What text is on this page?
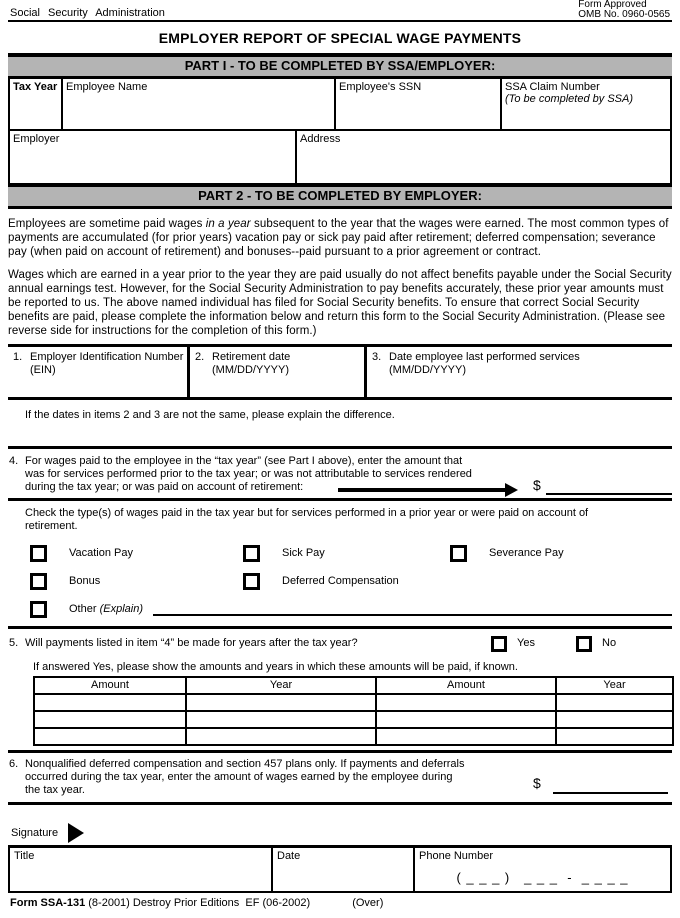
Social Security Administration
Form Approved
OMB No. 0960-0565
EMPLOYER REPORT OF SPECIAL WAGE PAYMENTS
PART I - TO BE COMPLETED BY SSA/EMPLOYER:
Tax Year Employee Name	Employee's SSN	SSA Claim Number
(To be completed by SSA)
Employer	Address
PART 2 - TO BE COMPLETED BY EMPLOYER:
Employees are sometime paid wages in a year subsequent to the year that the wages were earned. The most common types of payments are accumulated (for prior years) vacation pay or sick pay paid after retirement; deferred compensation; severance pay (when paid on account of retirement) and bonuses--paid pursuant to a prior agreement or contract.
Wages which are earned in a year prior to the year they are paid usually do not affect benefits payable under the Social Security annual earnings test. However, for the Social Security Administration to pay benefits accurately, these prior year amounts must be reported to us. The above named individual has filed for Social Security benefits. To ensure that correct Social Security benefits are paid, please complete the information below and return this form to the Social Security Administration. (Please see reverse side for instructions for the completion of this form.)
1. Employer Identification Number
(EIN)
2. Retirement date
(MM/DD/YYYY)
3. Date employee last performed services
(MM/DD/YYYY)
If the dates in items 2 and 3 are not the same, please explain the difference.
4. For wages paid to the employee in the “tax year” (see Part I above), enter the amount that
was for services performed prior to the tax year; or was not attributable to services rendered
during the tax year; or was paid on account of retirement:	$
Check the type(s) of wages paid in the tax year but for services performed in a prior year or were paid on account of retirement.
Vacation Pay	Sick Pay	Severance Pay
Bonus	Deferred Compensation
Other (Explain)
5. Will payments listed in item “4” be made for years after the tax year?	Yes	No
If answered Yes, please show the amounts and years in which these amounts will be paid, if known.
Amount	Year	Amount	Year

6. Nonqualified deferred compensation and section 457 plans only. If payments and deferrals
occurred during the tax year, enter the amount of wages earned by the employee during
the tax year.	$
Signature
Title	Date	Phone Number
( _ _ _ )   _ _ _  -  _ _ _ _
Form SSA-131 (8-2001) Destroy Prior Editions  EF (06-2002)	(Over)
